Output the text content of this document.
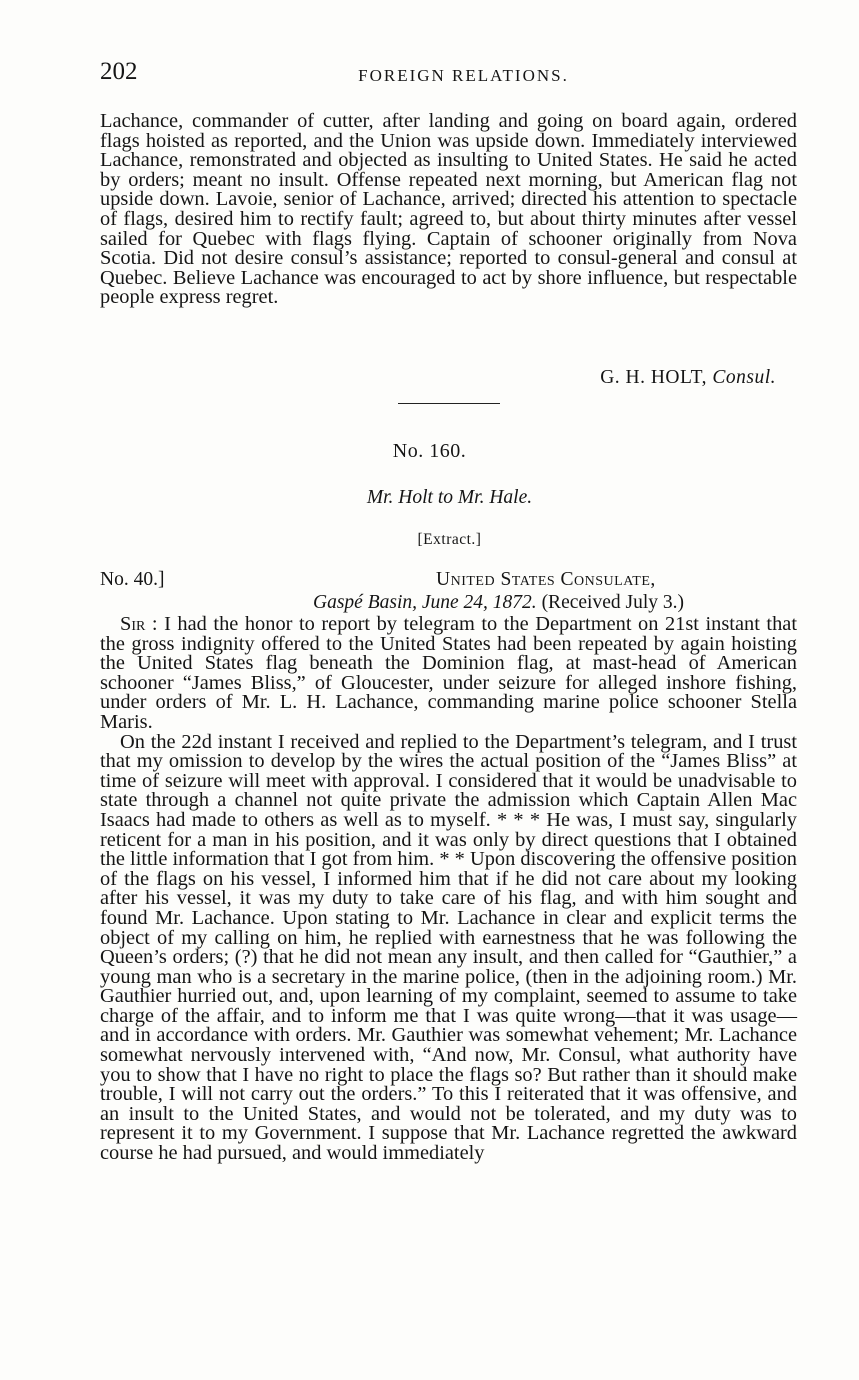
202	FOREIGN RELATIONS.

Lachance, commander of cutter, after landing and going on board again, ordered flags hoisted as reported, and the Union was upside down. Immediately interviewed Lachance, remonstrated and objected as insulting to United States. He said he acted by orders; meant no insult. Offense repeated next morning, but American flag not upside down. Lavoie, senior of Lachance, arrived; directed his attention to spectacle of flags, desired him to rectify fault; agreed to, but about thirty minutes after vessel sailed for Quebec with flags flying. Captain of schooner originally from Nova Scotia. Did not desire consul’s assistance; reported to consul-general and consul at Quebec. Believe Lachance was encouraged to act by shore influence, but respectable people express regret.

G. H. HOLT, Consul.
No. 160.
Mr. Holt to Mr. Hale.
[Extract.]
No. 40.]	United States Consulate,
Gaspé Basin, June 24, 1872. (Received July 3.)

Sir : I had the honor to report by telegram to the Department on 21st instant that the gross indignity offered to the United States had been repeated by again hoisting the United States flag beneath the Dominion flag, at mast-head of American schooner “James Bliss,” of Gloucester, under seizure for alleged inshore fishing, under orders of Mr. L. H. Lachance, commanding marine police schooner Stella Maris.

On the 22d instant I received and replied to the Department’s telegram, and I trust that my omission to develop by the wires the actual position of the “James Bliss” at time of seizure will meet with approval. I considered that it would be unadvisable to state through a channel not quite private the admission which Captain Allen Mac Isaacs had made to others as well as to myself. * * * He was, I must say, singularly reticent for a man in his position, and it was only by direct questions that I obtained the little information that I got from him. * * Upon discovering the offensive position of the flags on his vessel, I informed him that if he did not care about my looking after his vessel, it was my duty to take care of his flag, and with him sought and found Mr. Lachance. Upon stating to Mr. Lachance in clear and explicit terms the object of my calling on him, he replied with earnestness that he was following the Queen’s orders; (?) that he did not mean any insult, and then called for “Gauthier,” a young man who is a secretary in the marine police, (then in the adjoining room.) Mr. Gauthier hurried out, and, upon learning of my complaint, seemed to assume to take charge of the affair, and to inform me that I was quite wrong—that it was usage—and in accordance with orders. Mr. Gauthier was somewhat vehement; Mr. Lachance somewhat nervously intervened with, “And now, Mr. Consul, what authority have you to show that I have no right to place the flags so? But rather than it should make trouble, I will not carry out the orders.” To this I reiterated that it was offensive, and an insult to the United States, and would not be tolerated, and my duty was to represent it to my Government. I suppose that Mr. Lachance regretted the awkward course he had pursued, and would immediately
